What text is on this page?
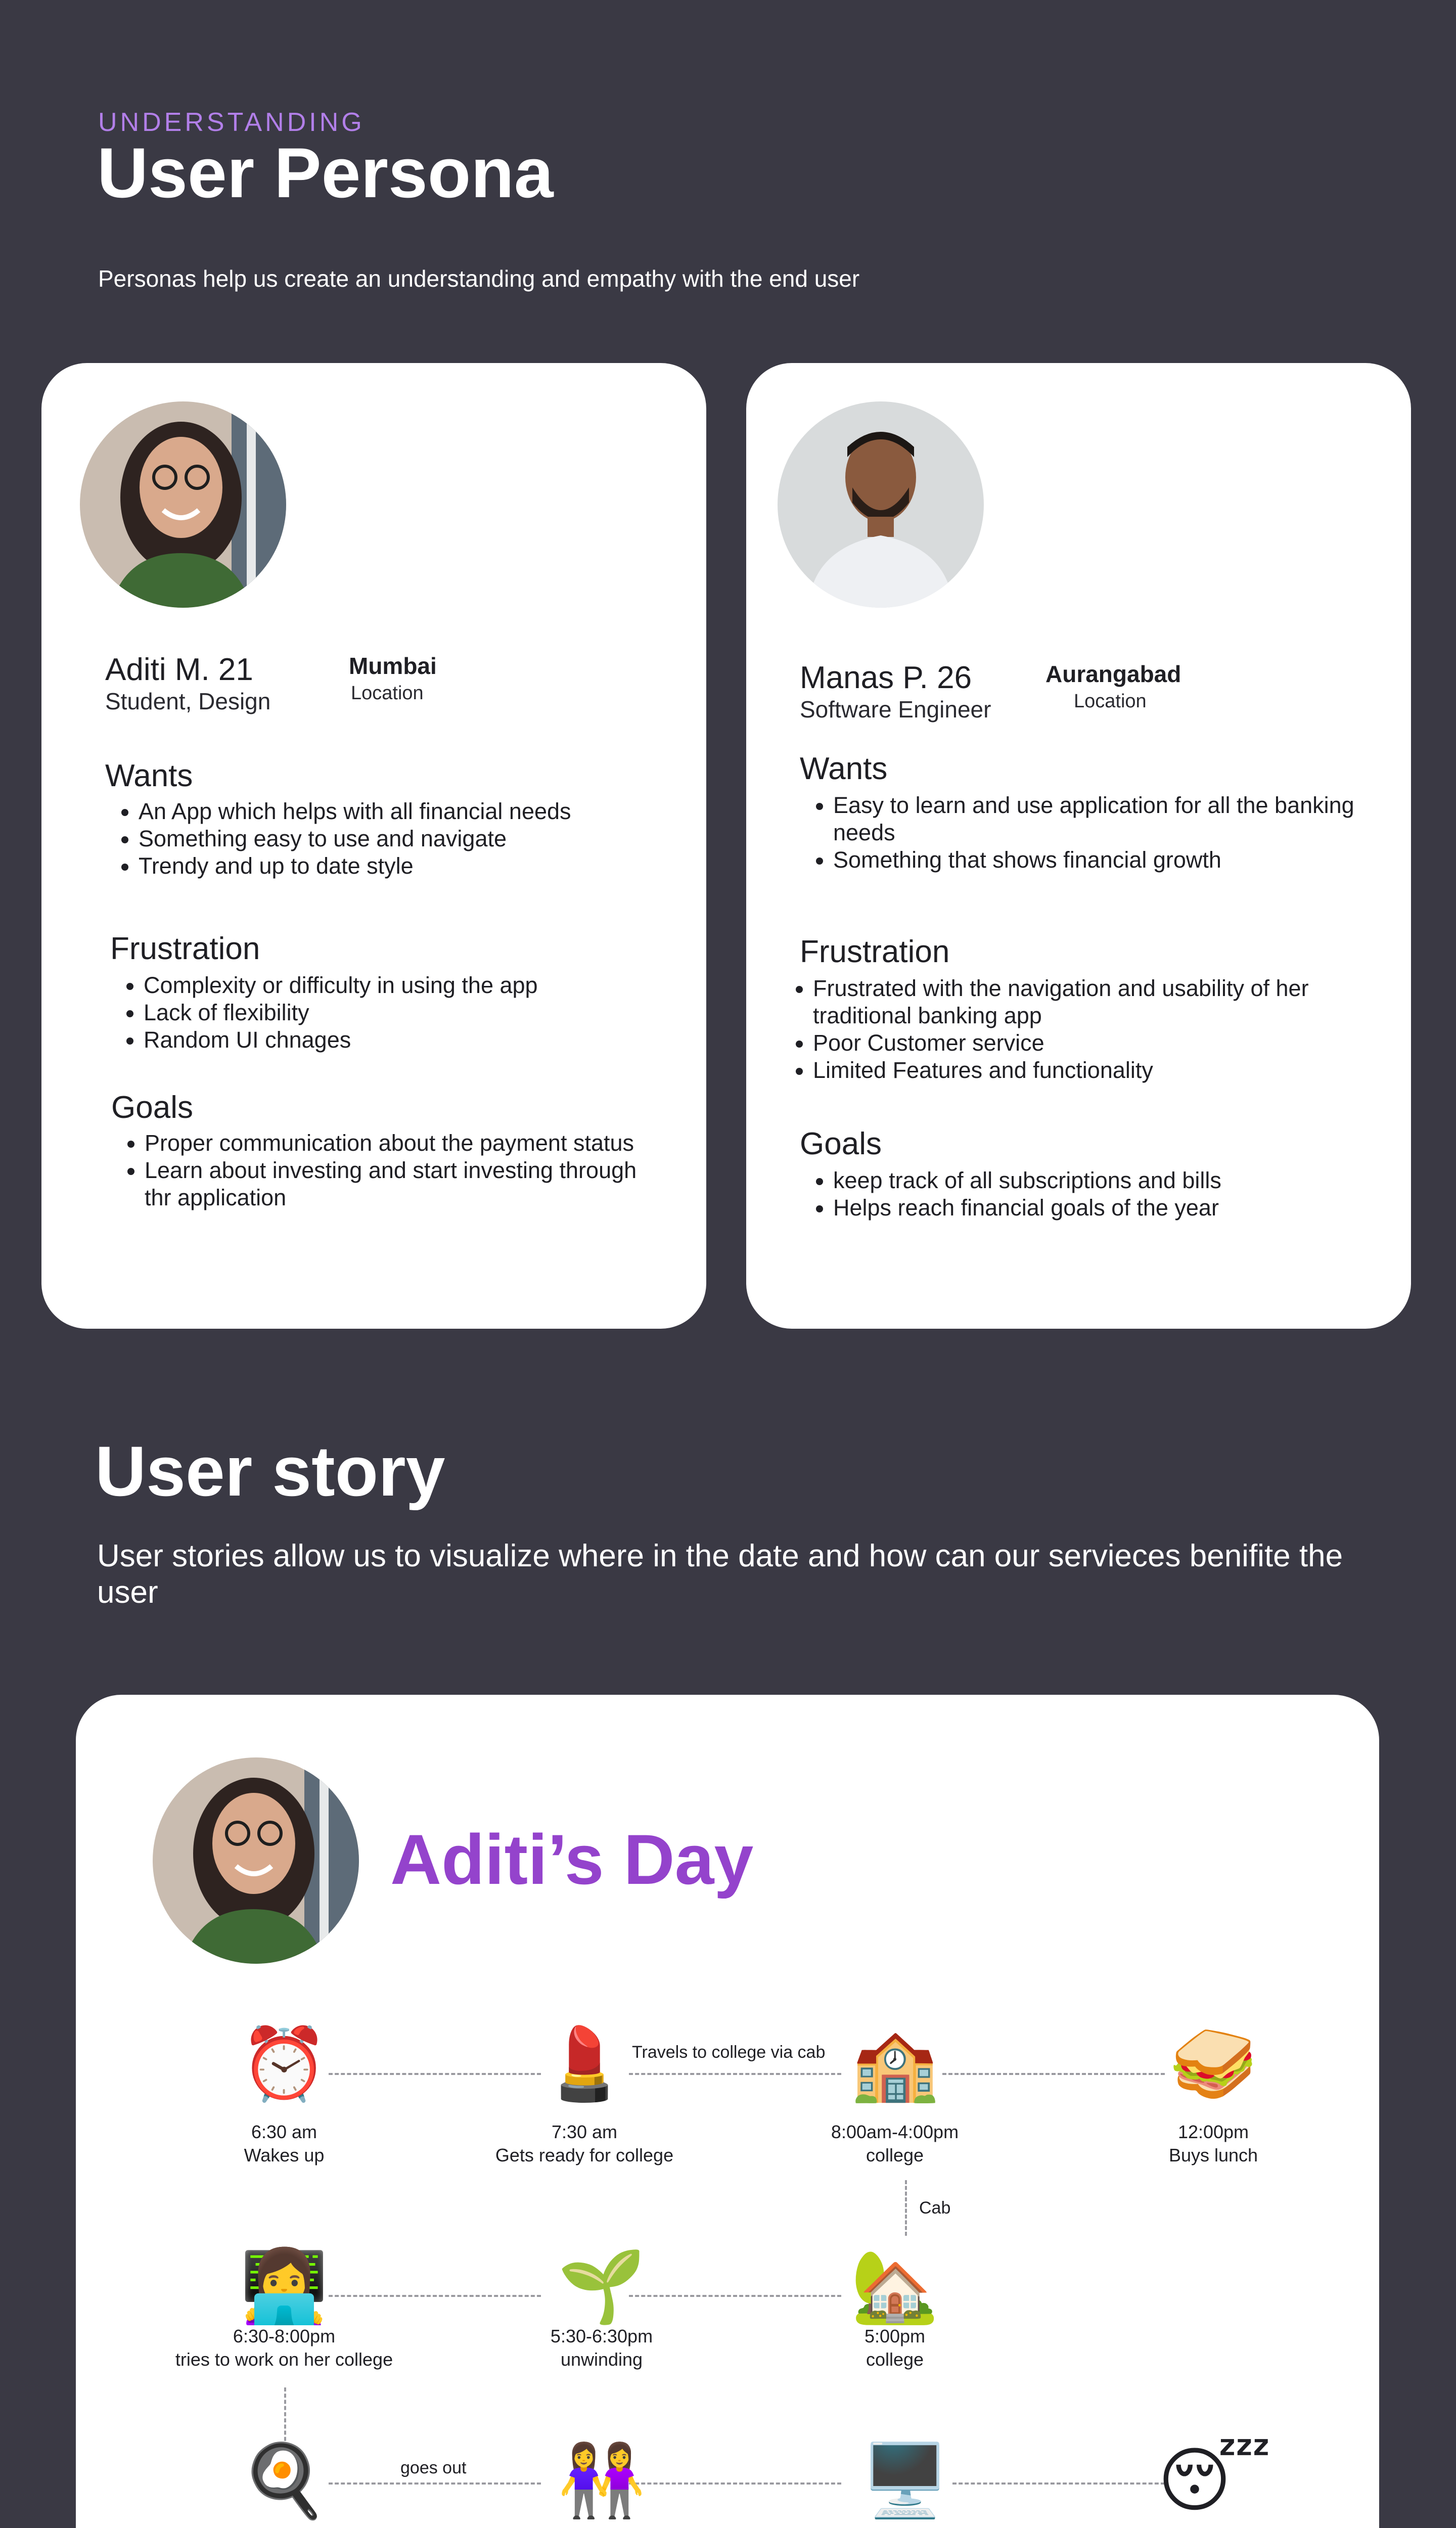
UNDERSTANDING
User Persona
Personas help us create an understanding and empathy with the end user
Aditi M. 21
Student, Design
Mumbai
Location
Wants
• An App which helps with all financial needs
• Something easy to use and navigate
• Trendy and up to date style
Frustration
• Complexity or difficulty in using the app
• Lack of flexibility
• Random UI chnages
Goals
• Proper communication about the payment status
• Learn about investing and start investing through thr application
Manas P. 26
Software Engineer
Aurangabad
Location
Wants
• Easy to learn and use application for all the banking needs
• Something that shows financial growth
Frustration
• Frustrated with the navigation and usability of her traditional banking app
• Poor Customer service
• Limited Features and functionality
Goals
• keep track of all subscriptions and bills
• Helps reach financial goals of the year
User story
User stories allow us to visualize where in the date and how can our servieces benifite the user
Aditi’s Day
Travels to college via cab
Cab
goes out
⏰
6:30 am
Wakes up
💄
7:30 am
Gets ready for college
🏫
8:00am-4:00pm
college
🥪
12:00pm
Buys lunch
👩‍💻
6:30-8:00pm
tries to work on her college
🌱
5:30-6:30pm
unwinding
🏡
5:00pm
college
🍳	👭	🖥️	😴
